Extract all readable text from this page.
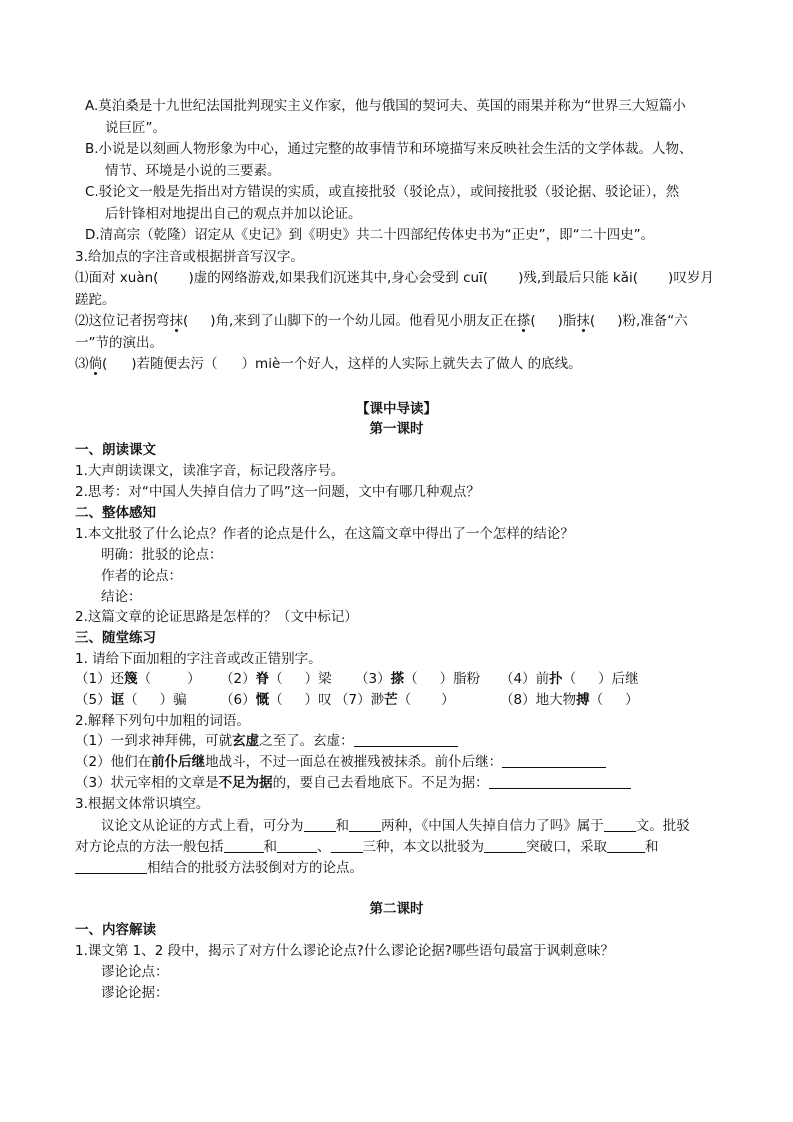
A.莫泊桑是十九世纪法国批判现实主义作家，他与俄国的契诃夫、英国的雨果并称为“世界三大短篇小
说巨匠”。
B.小说是以刻画人物形象为中心，通过完整的故事情节和环境描写来反映社会生活的文学体裁。人物、
情节、环境是小说的三要素。
C.驳论文一般是先指出对方错误的实质，或直接批驳（驳论点），或间接批驳（驳论据、驳论证），然
后针锋相对地提出自己的观点并加以论证。
D.清高宗（乾隆）诏定从《史记》到《明史》共二十四部纪传体史书为“正史”，即“二十四史”。
3.给加点的字注音或根据拼音写汉字。
⑴面对 xuàn( )虚的网络游戏,如果我们沉迷其中,身心会受到 cuī( )残,到最后只能 kǎi( )叹岁月
蹉跎。
⑵这位记者拐弯抹( )角,来到了山脚下的一个幼儿园。他看见小朋友正在搽( )脂抹( )粉,准备“六
一”节的演出。
⑶倘( )若随便去污（ ）miè一个好人，这样的人实际上就失去了做人 的底线。
【课中导读】
第一课时
一、朗读课文
1.大声朗读课文，读准字音，标记段落序号。
2.思考：对“中国人失掉自信力了吗”这一问题，文中有哪几种观点？
二、整体感知
1.本文批驳了什么论点？作者的论点是什么，在这篇文章中得出了一个怎样的结论？
明确：批驳的论点：
作者的论点：
结论：
2.这篇文章的论证思路是怎样的？（文中标记）
三、随堂练习
1. 请给下面加粗的字注音或改正错别字。
（1）还篾（	） （2）脊（ ）梁 （3）搽（ ）脂粉 （4）前扑（ ）后继
（5）诓（ ）骗 （6）慨（ ）叹 （7）渺芒（ ）	（8）地大物搏（ ）
2.解释下列句中加粗的词语。
（1）一到求神拜佛，可就玄虚之至了。玄虚：
（2）他们在前仆后继地战斗，不过一面总在被摧残被抹杀。前仆后继：
（3）状元宰相的文章是不足为据的，要自己去看地底下。不足为据：
3.根据文体常识填空。
议论文从论证的方式上看，可分为 和 两种，《中国人失掉自信力了吗》属于 文。批驳
对方论点的方法一般包括	和	、 三种，本文以批驳为	突破口，采取	和
相结合的批驳方法驳倒对方的论点。
第二课时
一、内容解读
1.课文第 1、2 段中，揭示了对方什么谬论论点?什么谬论论据?哪些语句最富于讽刺意味？
谬论论点：
谬论论据：
